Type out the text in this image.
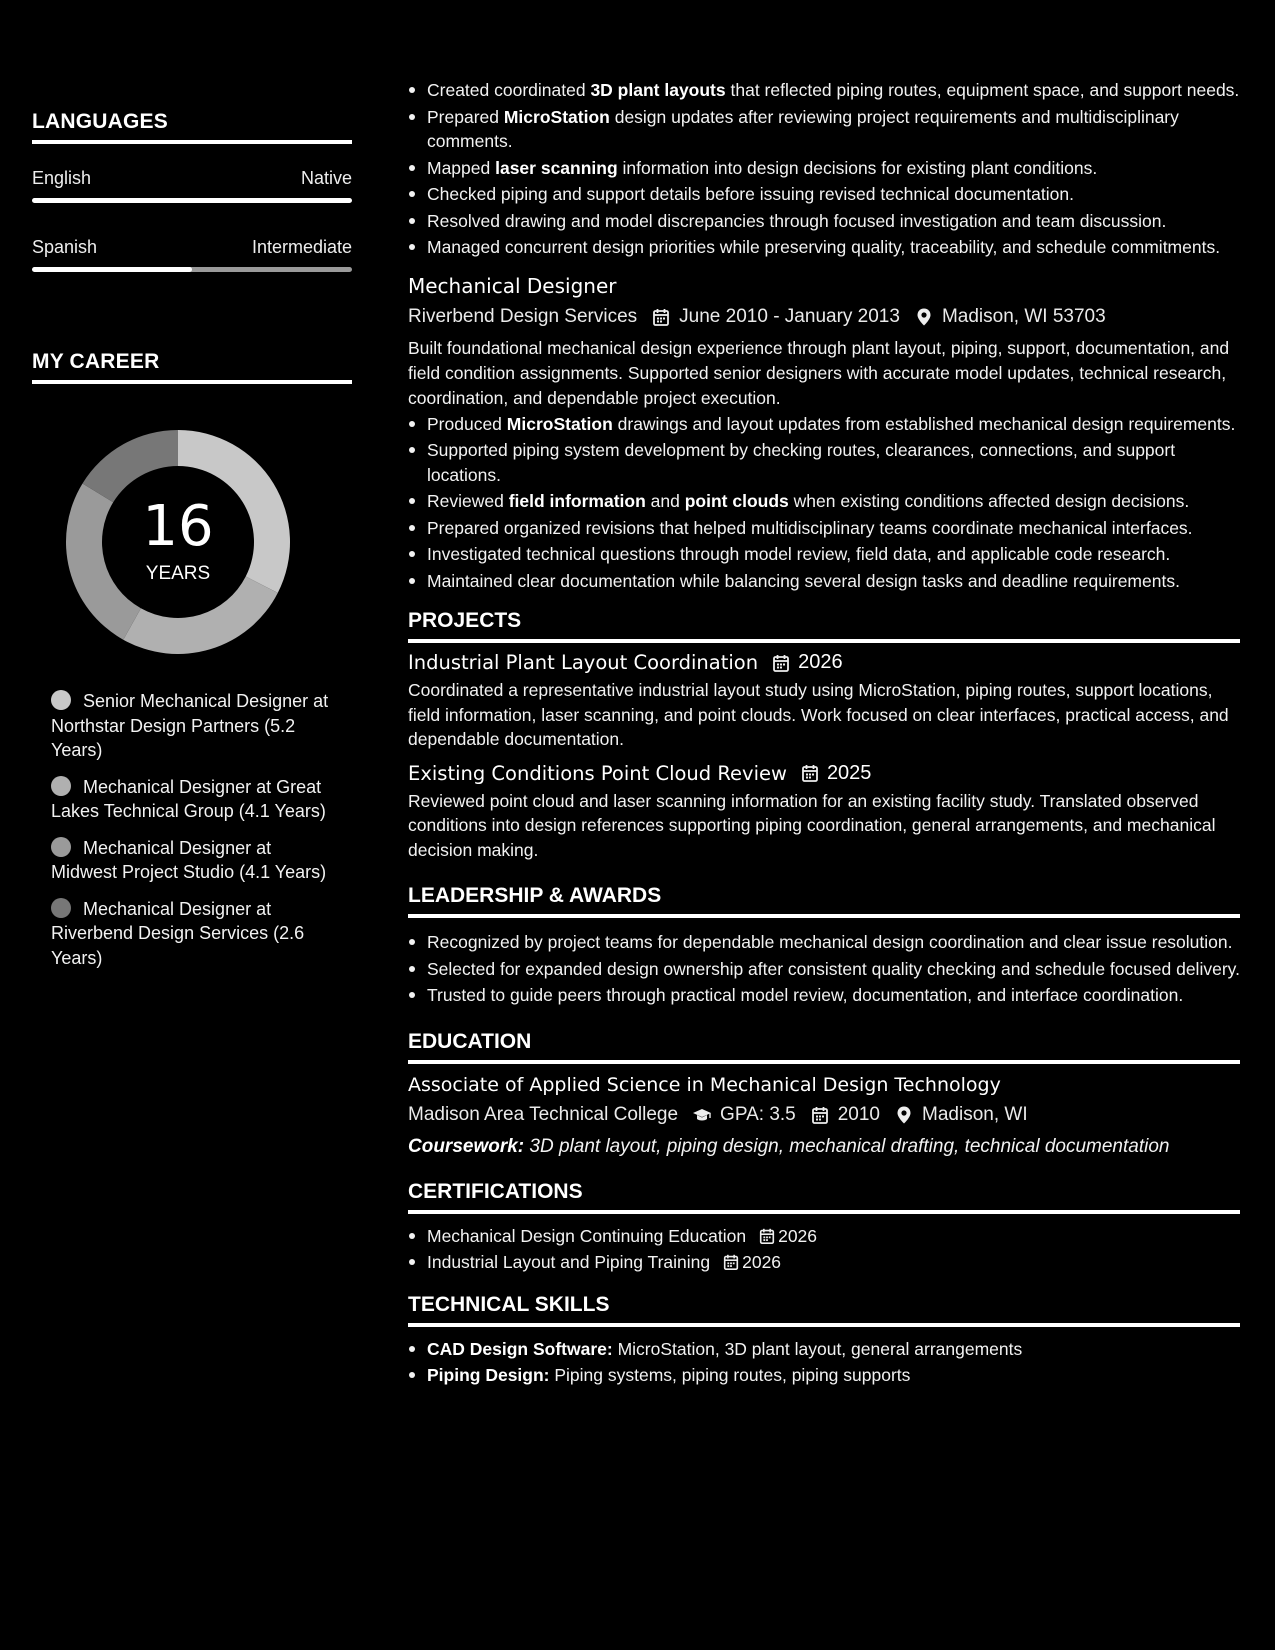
LANGUAGES
English	Native
Spanish	Intermediate
MY CAREER
16
YEARS
Senior Mechanical Designer at Northstar Design Partners (5.2 Years)
Mechanical Designer at Great Lakes Technical Group (4.1 Years)
Mechanical Designer at Midwest Project Studio (4.1 Years)
Mechanical Designer at Riverbend Design Services (2.6 Years)
Created coordinated 3D plant layouts that reflected piping routes, equipment space, and support needs.
Prepared MicroStation design updates after reviewing project requirements and multidisciplinary comments.
Mapped laser scanning information into design decisions for existing plant conditions.
Checked piping and support details before issuing revised technical documentation.
Resolved drawing and model discrepancies through focused investigation and team discussion.
Managed concurrent design priorities while preserving quality, traceability, and schedule commitments.
Mechanical Designer
Riverbend Design Services June 2010 - January 2013 Madison, WI 53703
Built foundational mechanical design experience through plant layout, piping, support, documentation, and field condition assignments. Supported senior designers with accurate model updates, technical research, coordination, and dependable project execution.
Produced MicroStation drawings and layout updates from established mechanical design requirements.
Supported piping system development by checking routes, clearances, connections, and support locations.
Reviewed field information and point clouds when existing conditions affected design decisions.
Prepared organized revisions that helped multidisciplinary teams coordinate mechanical interfaces.
Investigated technical questions through model review, field data, and applicable code research.
Maintained clear documentation while balancing several design tasks and deadline requirements.
PROJECTS
Industrial Plant Layout Coordination 2026
Coordinated a representative industrial layout study using MicroStation, piping routes, support locations, field information, laser scanning, and point clouds. Work focused on clear interfaces, practical access, and dependable documentation.
Existing Conditions Point Cloud Review 2025
Reviewed point cloud and laser scanning information for an existing facility study. Translated observed conditions into design references supporting piping coordination, general arrangements, and mechanical decision making.
LEADERSHIP & AWARDS
Recognized by project teams for dependable mechanical design coordination and clear issue resolution.
Selected for expanded design ownership after consistent quality checking and schedule focused delivery.
Trusted to guide peers through practical model review, documentation, and interface coordination.
EDUCATION
Associate of Applied Science in Mechanical Design Technology
Madison Area Technical College GPA: 3.5 2010 Madison, WI
Coursework: 3D plant layout, piping design, mechanical drafting, technical documentation
CERTIFICATIONS
Mechanical Design Continuing Education 2026
Industrial Layout and Piping Training 2026
TECHNICAL SKILLS
CAD Design Software: MicroStation, 3D plant layout, general arrangements
Piping Design: Piping systems, piping routes, piping supports
